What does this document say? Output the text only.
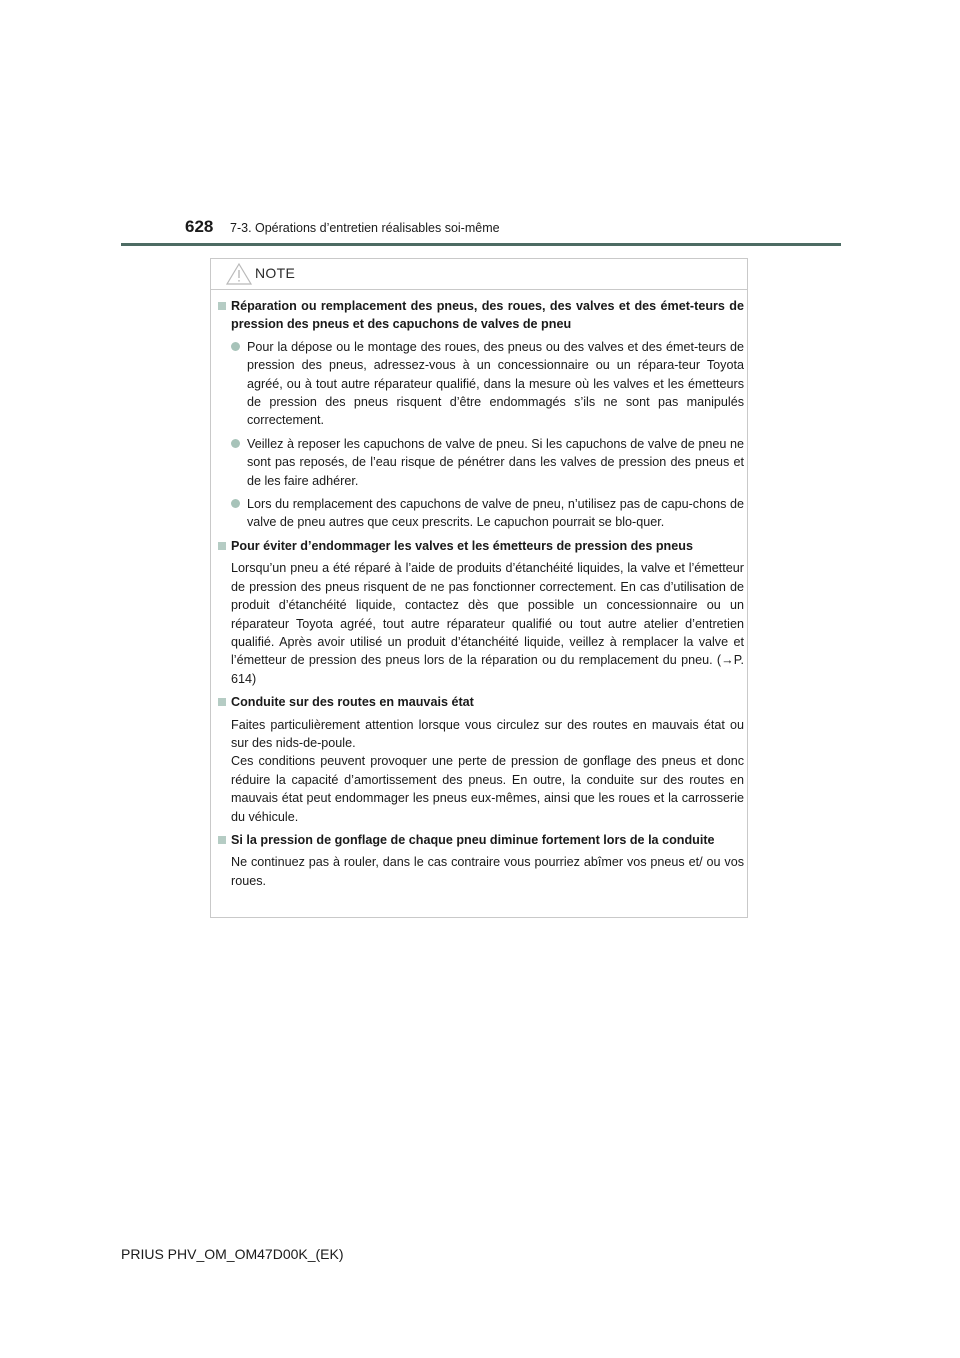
628 7-3. Opérations d’entretien réalisables soi-même
NOTE
Réparation ou remplacement des pneus, des roues, des valves et des émet-teurs de pression des pneus et des capuchons de valves de pneu
Pour la dépose ou le montage des roues, des pneus ou des valves et des émet-teurs de pression des pneus, adressez-vous à un concessionnaire ou un répara-teur Toyota agréé, ou à tout autre réparateur qualifié, dans la mesure où les valves et les émetteurs de pression des pneus risquent d’être endommagés s’ils ne sont pas manipulés correctement.
Veillez à reposer les capuchons de valve de pneu. Si les capuchons de valve de pneu ne sont pas reposés, de l’eau risque de pénétrer dans les valves de pression des pneus et de les faire adhérer.
Lors du remplacement des capuchons de valve de pneu, n’utilisez pas de capu-chons de valve de pneu autres que ceux prescrits. Le capuchon pourrait se blo-quer.
Pour éviter d’endommager les valves et les émetteurs de pression des pneus
Lorsqu’un pneu a été réparé à l’aide de produits d’étanchéité liquides, la valve et l’émetteur de pression des pneus risquent de ne pas fonctionner correctement. En cas d’utilisation de produit d’étanchéité liquide, contactez dès que possible un concessionnaire ou un réparateur Toyota agréé, tout autre réparateur qualifié ou tout autre atelier d’entretien qualifié. Après avoir utilisé un produit d’étanchéité liquide, veillez à remplacer la valve et l’émetteur de pression des pneus lors de la réparation ou du remplacement du pneu. (→P. 614)
Conduite sur des routes en mauvais état
Faites particulièrement attention lorsque vous circulez sur des routes en mauvais état ou sur des nids-de-poule.
Ces conditions peuvent provoquer une perte de pression de gonflage des pneus et donc réduire la capacité d’amortissement des pneus. En outre, la conduite sur des routes en mauvais état peut endommager les pneus eux-mêmes, ainsi que les roues et la carrosserie du véhicule.
Si la pression de gonflage de chaque pneu diminue fortement lors de la conduite
Ne continuez pas à rouler, dans le cas contraire vous pourriez abîmer vos pneus et/ ou vos roues.
PRIUS PHV_OM_OM47D00K_(EK)
